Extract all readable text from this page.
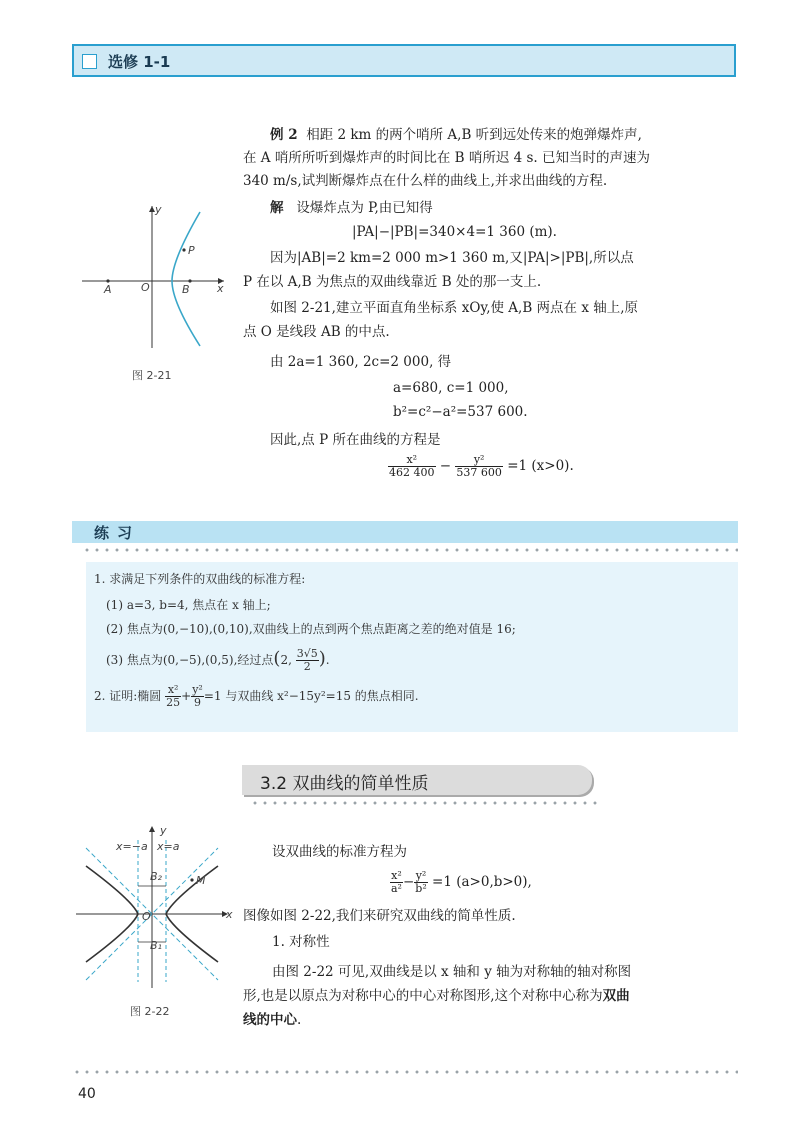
选修 1-1
例 2 相距 2 km 的两个哨所 A,B 听到远处传来的炮弹爆炸声,
在 A 哨所所听到爆炸声的时间比在 B 哨所迟 4 s. 已知当时的声速为
340 m/s,试判断爆炸点在什么样的曲线上,并求出曲线的方程.
解 设爆炸点为 P,由已知得
|PA|−|PB|=340×4=1 360 (m).
因为|AB|=2 km=2 000 m>1 360 m,又|PA|>|PB|,所以点
P 在以 A,B 为焦点的双曲线靠近 B 处的那一支上.
如图 2-21,建立平面直角坐标系 xOy,使 A,B 两点在 x 轴上,原
点 O 是线段 AB 的中点.
由 2a=1 360, 2c=2 000, 得
a=680, c=1 000,
b²=c²−a²=537 600.
因此,点 P 所在曲线的方程是
$\frac{\text{x²}}{462 400} - \frac{\text{y²}}{537 600} =1$ (x>0).
y
x
O
A	B
P
图 2-21
练习
1. 求满足下列条件的双曲线的标准方程:
(1) a=3, b=4, 焦点在 x 轴上;
(2) 焦点为(0,−10),(0,10),双曲线上的点到两个焦点距离之差的绝对值是 16;
(3) 焦点为(0,−5),(0,5),经过点(2, $\frac{3√5}{2}$ ).
2. 证明:椭圆 $\frac{\text{x²}}{25} + \frac{\text{y²}}{9} =1$ 与双曲线 x²−15y²=15 的焦点相同.
3.2 双曲线的简单性质
y
x
O
x=−a x=a
B₂
B₁
M
图 2-22
设双曲线的标准方程为
$\frac{\text{x²}}{\text{a²}} - \frac{\text{y²}}{\text{b²}} =1$ (a>0,b>0),
图像如图 2-22,我们来研究双曲线的简单性质.
1. 对称性
由图 2-22 可见,双曲线是以 x 轴和 y 轴为对称轴的轴对称图
形,也是以原点为对称中心的中心对称图形,这个对称中心称为双曲
线的中心.
40
